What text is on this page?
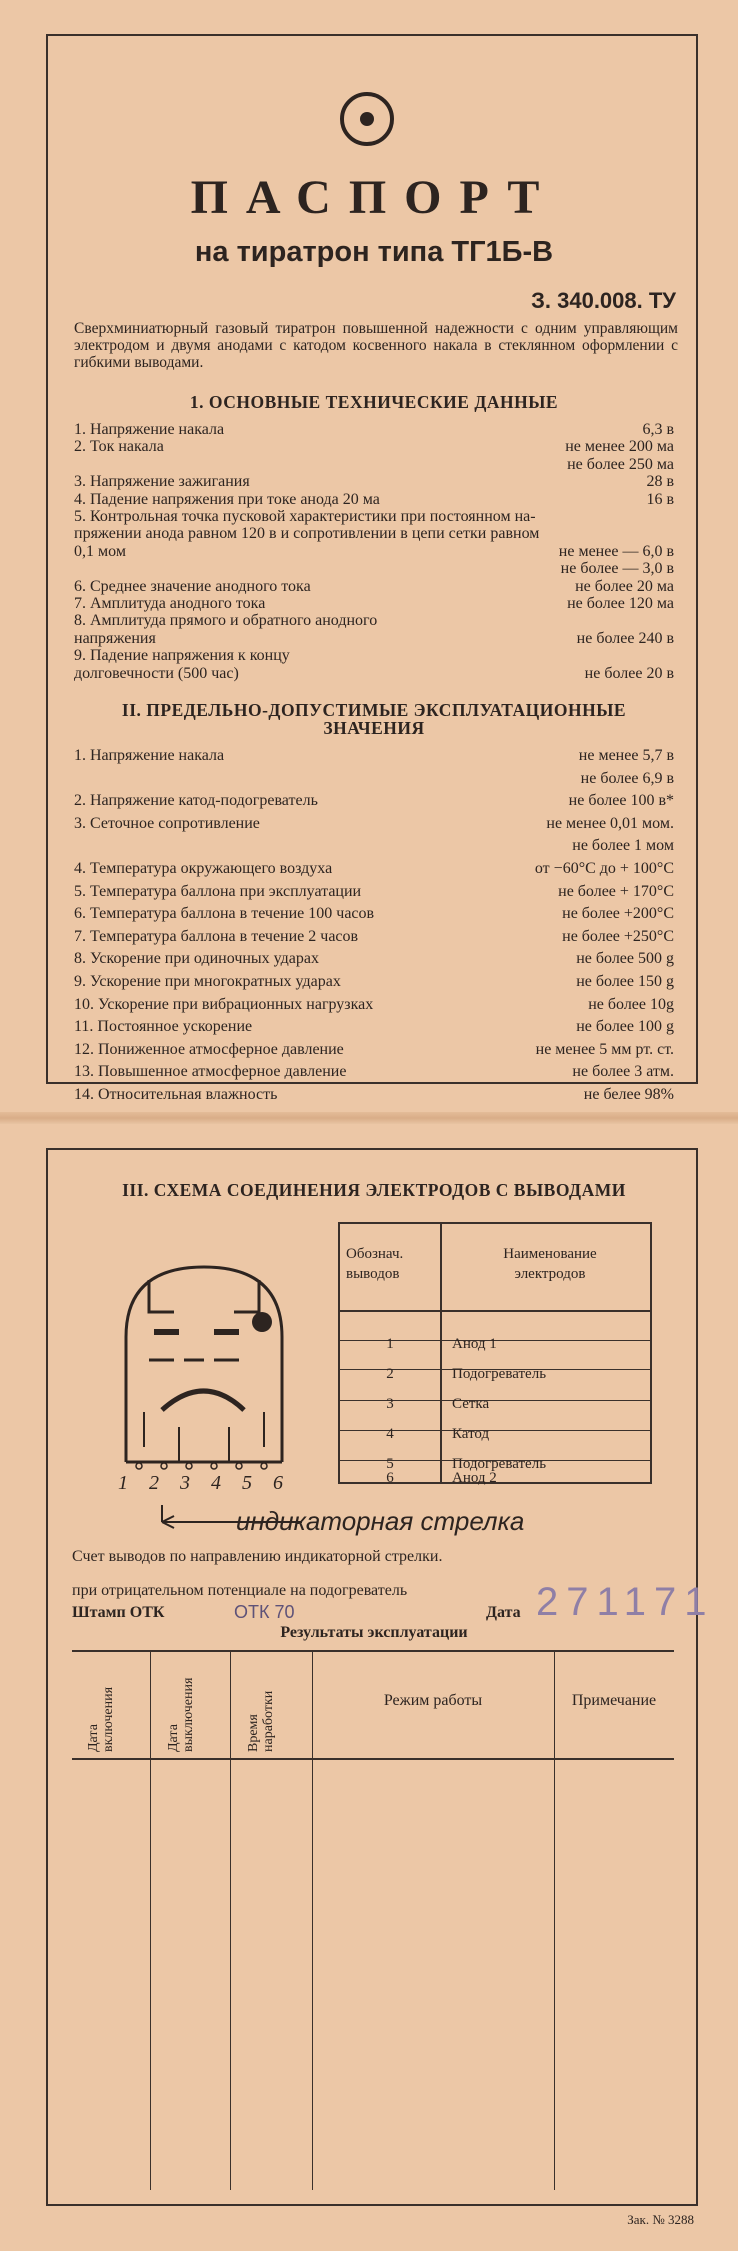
ПАСПОРТ
на тиратрон типа ТГ1Б-В
З. 340.008. ТУ
Сверхминиатюрный газовый тиратрон повышенной надежности с одним управляющим электродом и двумя анодами с катодом косвенного накала в стеклянном оформлении с гибкими выводами.
1. ОСНОВНЫЕ ТЕХНИЧЕСКИЕ ДАННЫЕ
1. Напряжение накала	6,3 в
2. Ток накала	не менее 200 ма
не более 250 ма
3. Напряжение зажигания	28 в
4. Падение напряжения при токе анода 20 ма	16 в
5. Контрольная точка пусковой характеристики при постоянном на-
пряжении анода равном 120 в и сопротивлении в цепи сетки равном
0,1 мом	не менее — 6,0 в
не более — 3,0 в
6. Среднее значение анодного тока	не более 20 ма
7. Амплитуда анодного тока	не более 120 ма
8. Амплитуда прямого и обратного анодного
напряжения	не более 240 в
9. Падение напряжения к концу
долговечности (500 час)	не более 20 в
II. ПРЕДЕЛЬНО-ДОПУСТИМЫЕ ЭКСПЛУАТАЦИОННЫЕ
ЗНАЧЕНИЯ
1. Напряжение накала	не менее 5,7 в
не более 6,9 в
2. Напряжение катод-подогреватель	не более 100 в*
3. Сеточное сопротивление	не менее 0,01 мом.
не более 1 мом
4. Температура окружающего воздуха	от −60°С до + 100°С
5. Температура баллона при эксплуатации	не более + 170°С
6. Температура баллона в течение 100 часов	не более +200°С
7. Температура баллона в течение 2 часов	не более +250°С
8. Ускорение при одиночных ударах	не более 500 g
9. Ускорение при многократных ударах	не более 150 g
10. Ускорение при вибрационных нагрузках	не более 10g
11. Постоянное ускорение	не более 100 g
12. Пониженное атмосферное давление	не менее 5 мм рт. ст.
13. Повышенное атмосферное давление	не более 3 атм.
14. Относительная влажность	не белее 98%
III. СХЕМА СОЕДИНЕНИЯ ЭЛЕКТРОДОВ С ВЫВОДАМИ
1 2 3 4 5 6
индикаторная стрелка
Обознач.
выводов
Наименование
электродов
1	Анод 1
2	Подогреватель
3	Сетка
4	Катод
5	Подогреватель
6	Анод 2
Счет выводов по направлению индикаторной стрелки.
при отрицательном потенциале на подогреватель
Штамп ОТК	ОТК 70	Дата 271171
Результаты эксплуатации
Дата включения	Дата выключения	Время наработки	Режим работы	Примечание
Зак. № 3288
